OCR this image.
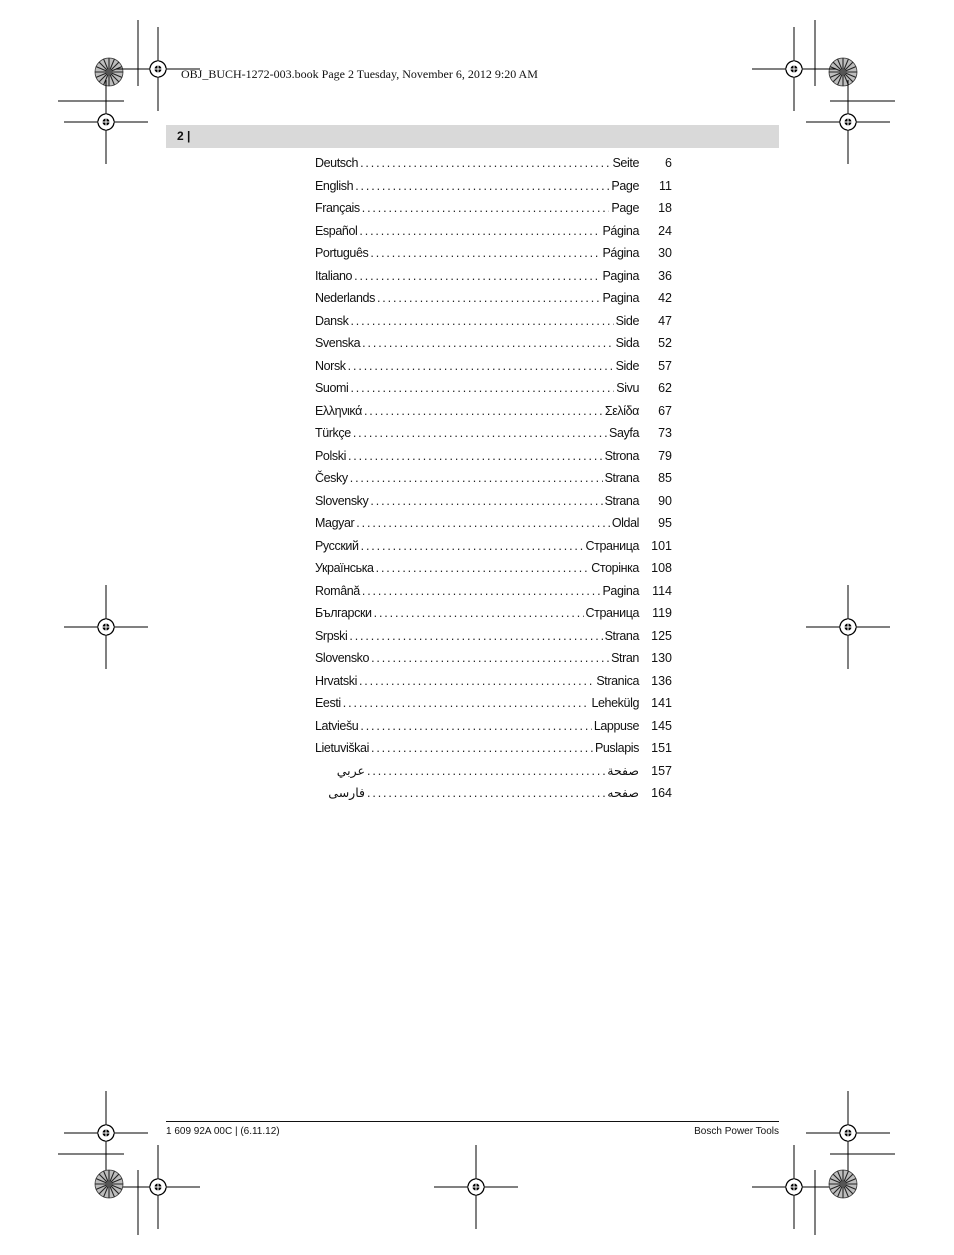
OBJ_BUCH-1272-003.book Page 2 Tuesday, November 6, 2012 9:20 AM
2 |
Deutsch . . .	Seite	6
English . . .	Page	11
Français . . .	Page	18
Español . . .	Página	24
Português . . .	Página	30
Italiano . . .	Pagina	36
Nederlands . . .	Pagina	42
Dansk . . .	Side	47
Svenska . . .	Sida	52
Norsk . . .	Side	57
Suomi . . .	Sivu	62
Ελληνικά . . .	Σελίδα	67
Türkçe . . .	Sayfa	73
Polski . . .	Strona	79
Česky . . .	Strana	85
Slovensky . . .	Strana	90
Magyar . . .	Oldal	95
Русский . . .	Страница 101
Українська . . .	Сторінка 108
Română . . .	Pagina	114
Български . . .	Страница	119
Srpski . . .	Strana 125
Slovensko . . .	Stran 130
Hrvatski . . .	Stranica 136
Eesti . . .	Lehekülg 141
Latviešu . . .	Lappuse 145
Lietuviškai . . .	Puslapis 151
عربي . . .	صفحة 157
فارسی . . .	صفحه 164
1 609 92A 00C | (6.11.12)	Bosch Power Tools
